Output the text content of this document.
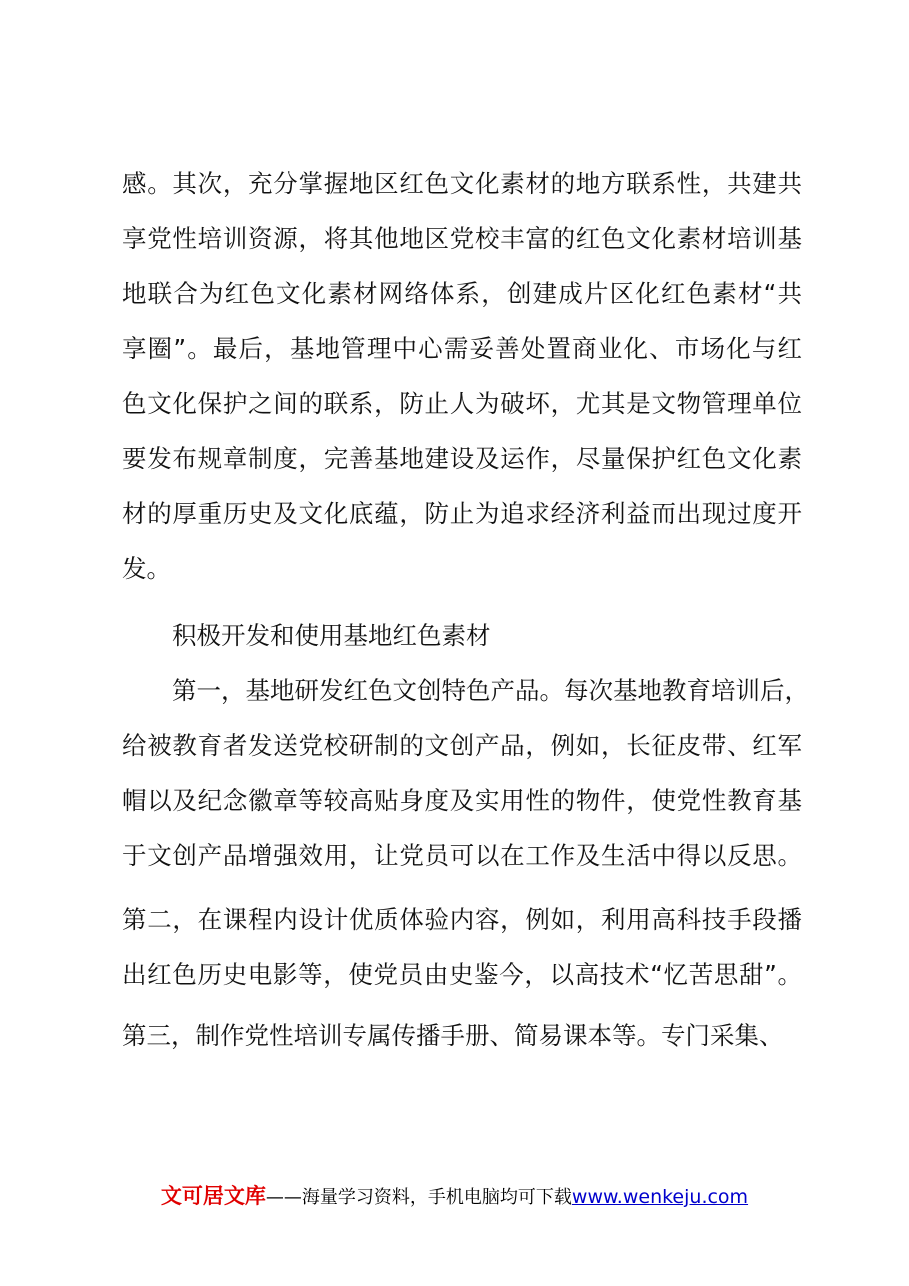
感。其次，充分掌握地区红色文化素材的地方联系性，共建共
享党性培训资源，将其他地区党校丰富的红色文化素材培训基
地联合为红色文化素材网络体系，创建成片区化红色素材“共
享圈”。最后，基地管理中心需妥善处置商业化、市场化与红
色文化保护之间的联系，防止人为破坏，尤其是文物管理单位
要发布规章制度，完善基地建设及运作，尽量保护红色文化素
材的厚重历史及文化底蕴，防止为追求经济利益而出现过度开
发。
积极开发和使用基地红色素材
第一，基地研发红色文创特色产品。每次基地教育培训后，
给被教育者发送党校研制的文创产品，例如，长征皮带、红军
帽以及纪念徽章等较高贴身度及实用性的物件，使党性教育基
于文创产品增强效用，让党员可以在工作及生活中得以反思。
第二，在课程内设计优质体验内容，例如，利用高科技手段播
出红色历史电影等，使党员由史鉴今，以高技术“忆苦思甜”。
第三，制作党性培训专属传播手册、简易课本等。专门采集、
文可居文库——海量学习资料，手机电脑均可下载www.wenkeju.com
